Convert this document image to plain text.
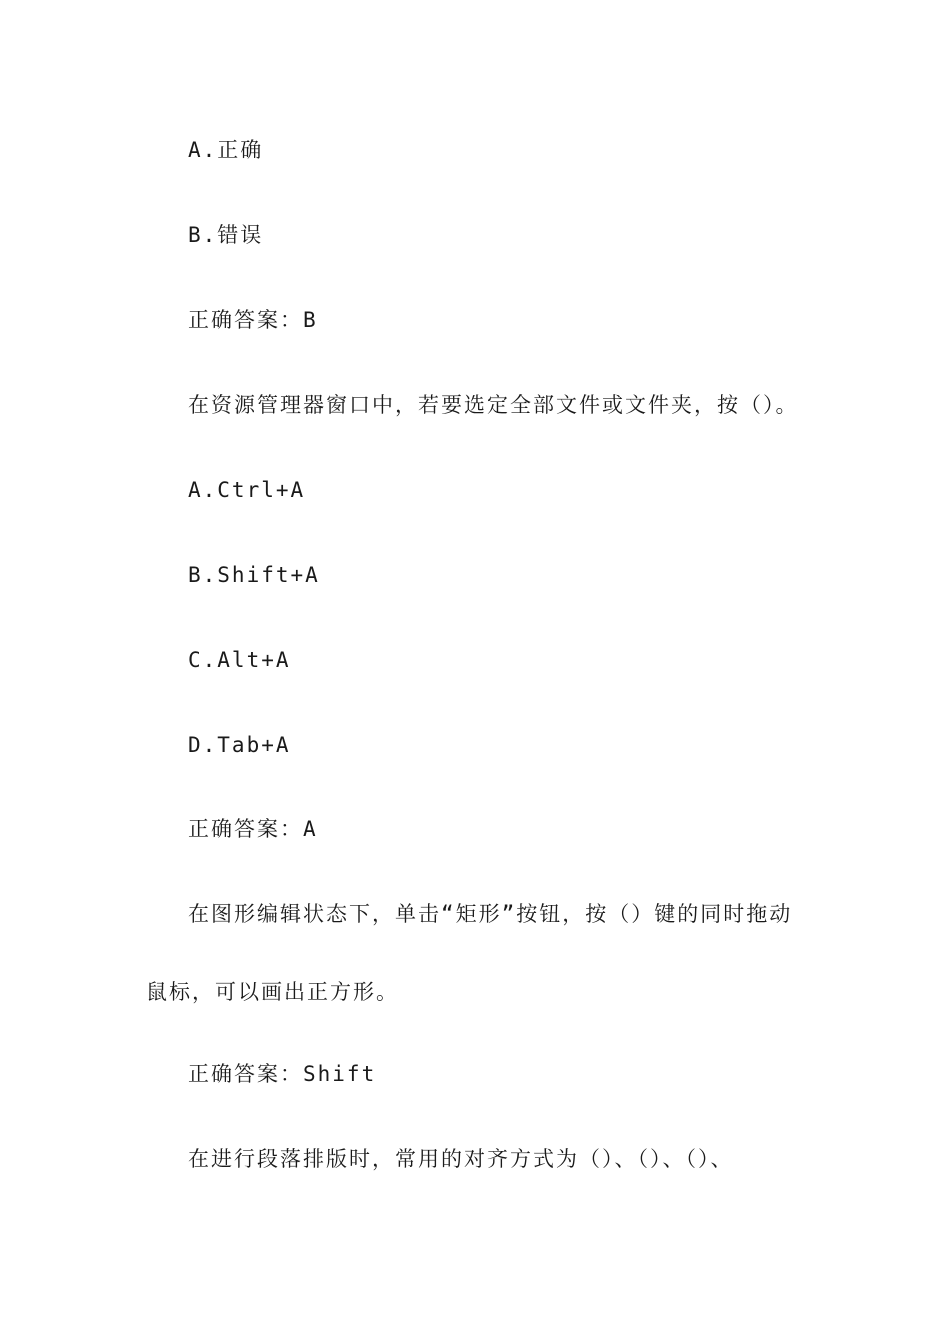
A.正确
B.错误
正确答案：B
在资源管理器窗口中，若要选定全部文件或文件夹，按（）。
A.Ctrl+A
B.Shift+A
C.Alt+A
D.Tab+A
正确答案：A
在图形编辑状态下，单击“矩形”按钮，按（）键的同时拖动
鼠标，可以画出正方形。
正确答案：Shift
在进行段落排版时，常用的对齐方式为（）、（）、（）、
